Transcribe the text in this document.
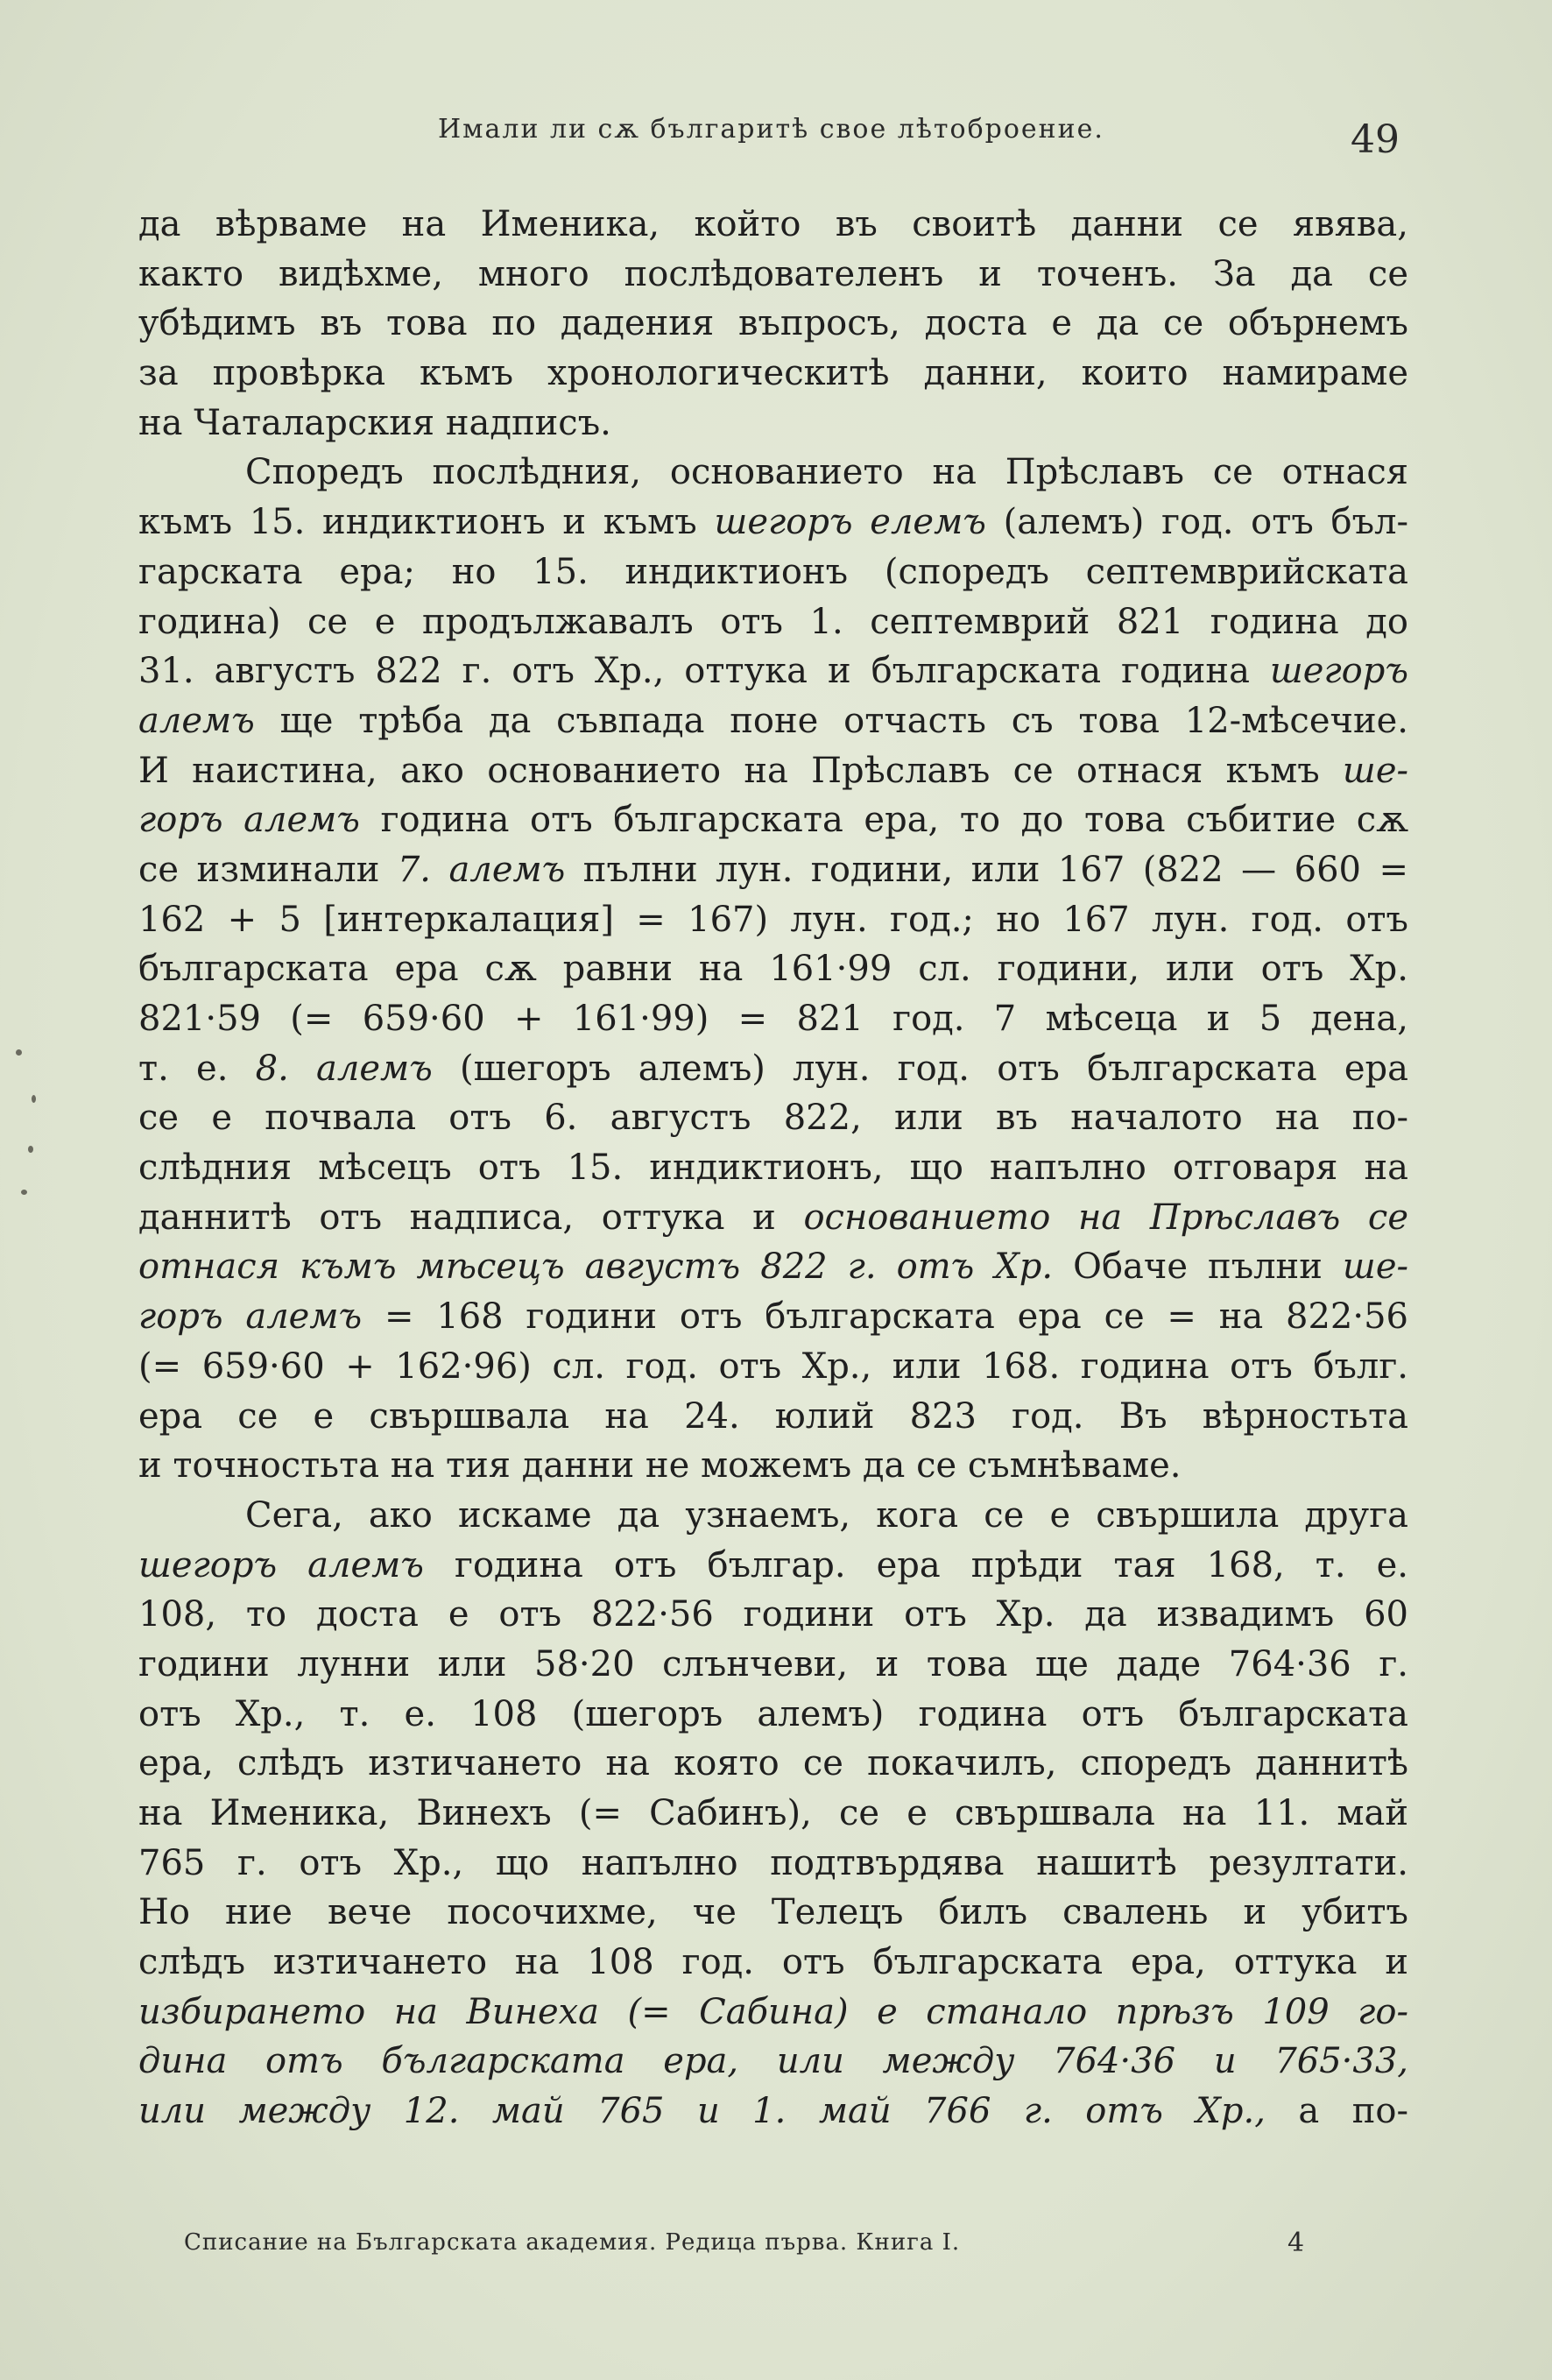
Имали ли сѫ българитѣ свое лѣтоброение.	49
да вѣрваме на Именика, който въ своитѣ данни се явява,
както видѣхме, много послѣдователенъ и точенъ. За да се
убѣдимъ въ това по дадения въпросъ, доста е да се обърнемъ
за провѣрка къмъ хронологическитѣ данни, които намираме
на Чаталарския надписъ.
Споредъ послѣдния, основанието на Прѣславъ се отнася
къмъ 15. индиктионъ и къмъ шегоръ елемъ (алемъ) год. отъ бъл-
гарската ера; но 15. индиктионъ (споредъ септемврийската
година) се е продължавалъ отъ 1. септемврий 821 година до
31. августъ 822 г. отъ Хр., оттука и българската година шегоръ
алемъ ще трѣба да съвпада поне отчасть съ това 12-мѣсечие.
И наистина, ако основанието на Прѣславъ се отнася къмъ ше-
горъ алемъ година отъ българската ера, то до това събитие сѫ
се изминали 7. алемъ пълни лун. години, или 167 (822 — 660 =
162 + 5 [интеркалация] = 167) лун. год.; но 167 лун. год. отъ
българската ера сѫ равни на 161·99 сл. години, или отъ Хр.
821·59 (= 659·60 + 161·99) = 821 год. 7 мѣсеца и 5 дена,
т. е. 8. алемъ (шегоръ алемъ) лун. год. отъ българската ера
се е почвала отъ 6. августъ 822, или въ началото на по-
слѣдния мѣсецъ отъ 15. индиктионъ, що напълно отговаря на
даннитѣ отъ надписа, оттука и основанието на Прѣславъ се
отнася къмъ мѣсецъ августъ 822 г. отъ Хр. Обаче пълни ше-
горъ алемъ = 168 години отъ българската ера се = на 822·56
(= 659·60 + 162·96) сл. год. отъ Хр., или 168. година отъ бълг.
ера се е свършвала на 24. юлий 823 год. Въ вѣрностьта
и точностьта на тия данни не можемъ да се съмнѣваме.
Сега, ако искаме да узнаемъ, кога се е свършила друга
шегоръ алемъ година отъ българ. ера прѣди тая 168, т. е.
108, то доста е отъ 822·56 години отъ Хр. да извадимъ 60
години лунни или 58·20 слънчеви, и това ще даде 764·36 г.
отъ Хр., т. е. 108 (шегоръ алемъ) година отъ българската
ера, слѣдъ изтичането на която се покачилъ, споредъ даннитѣ
на Именика, Винехъ (= Сабинъ), се е свършвала на 11. май
765 г. отъ Хр., що напълно подтвърдява нашитѣ резултати.
Но ние вече посочихме, че Телецъ билъ свалень и убитъ
слѣдъ изтичането на 108 год. отъ българската ера, оттука и
избирането на Винеха (= Сабина) е станало прѣзъ 109 го-
дина отъ българската ера, или между 764·36 и 765·33,
или между 12. май 765 и 1. май 766 г. отъ Хр., а по-
Списание на Българската академия. Редица първа. Книга I.	4
